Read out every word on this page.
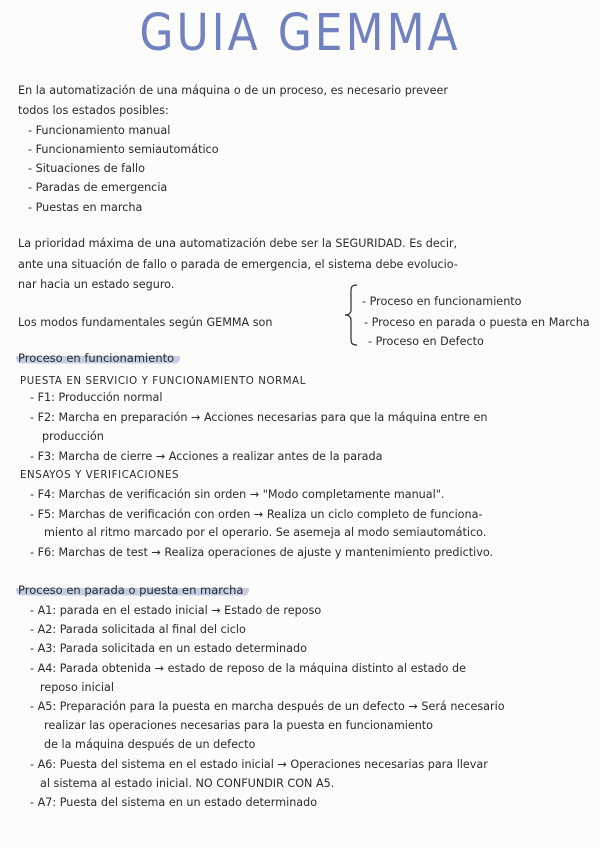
GUIA GEMMA
En la automatización de una máquina o de un proceso, es necesario preveer
todos los estados posibles:
- Funcionamiento manual
- Funcionamiento semiautomático
- Situaciones de fallo
- Paradas de emergencia
- Puestas en marcha
La prioridad máxima de una automatización debe ser la SEGURIDAD. Es decir,
ante una situación de fallo o parada de emergencia, el sistema debe evolucio-
nar hacia un estado seguro.
Los modos fundamentales según GEMMA son
- Proceso en funcionamiento
- Proceso en parada o puesta en Marcha
- Proceso en Defecto
Proceso en funcionamiento
PUESTA EN SERVICIO Y FUNCIONAMIENTO NORMAL
- F1: Producción normal
- F2: Marcha en preparación → Acciones necesarias para que la máquina entre en
producción
- F3: Marcha de cierre → Acciones a realizar antes de la parada
ENSAYOS Y VERIFICACIONES
- F4: Marchas de verificación sin orden → "Modo completamente manual".
- F5: Marchas de verificación con orden → Realiza un ciclo completo de funciona-
miento al ritmo marcado por el operario. Se asemeja al modo semiautomático.
- F6: Marchas de test → Realiza operaciones de ajuste y mantenimiento predictivo.
Proceso en parada o puesta en marcha
- A1: parada en el estado inicial → Estado de reposo
- A2: Parada solicitada al final del ciclo
- A3: Parada solicitada en un estado determinado
- A4: Parada obtenida → estado de reposo de la máquina distinto al estado de
reposo inicial
- A5: Preparación para la puesta en marcha después de un defecto → Será necesario
realizar las operaciones necesarias para la puesta en funcionamiento
de la máquina después de un defecto
- A6: Puesta del sistema en el estado inicial → Operaciones necesarias para llevar
al sistema al estado inicial. NO CONFUNDIR CON A5.
- A7: Puesta del sistema en un estado determinado
